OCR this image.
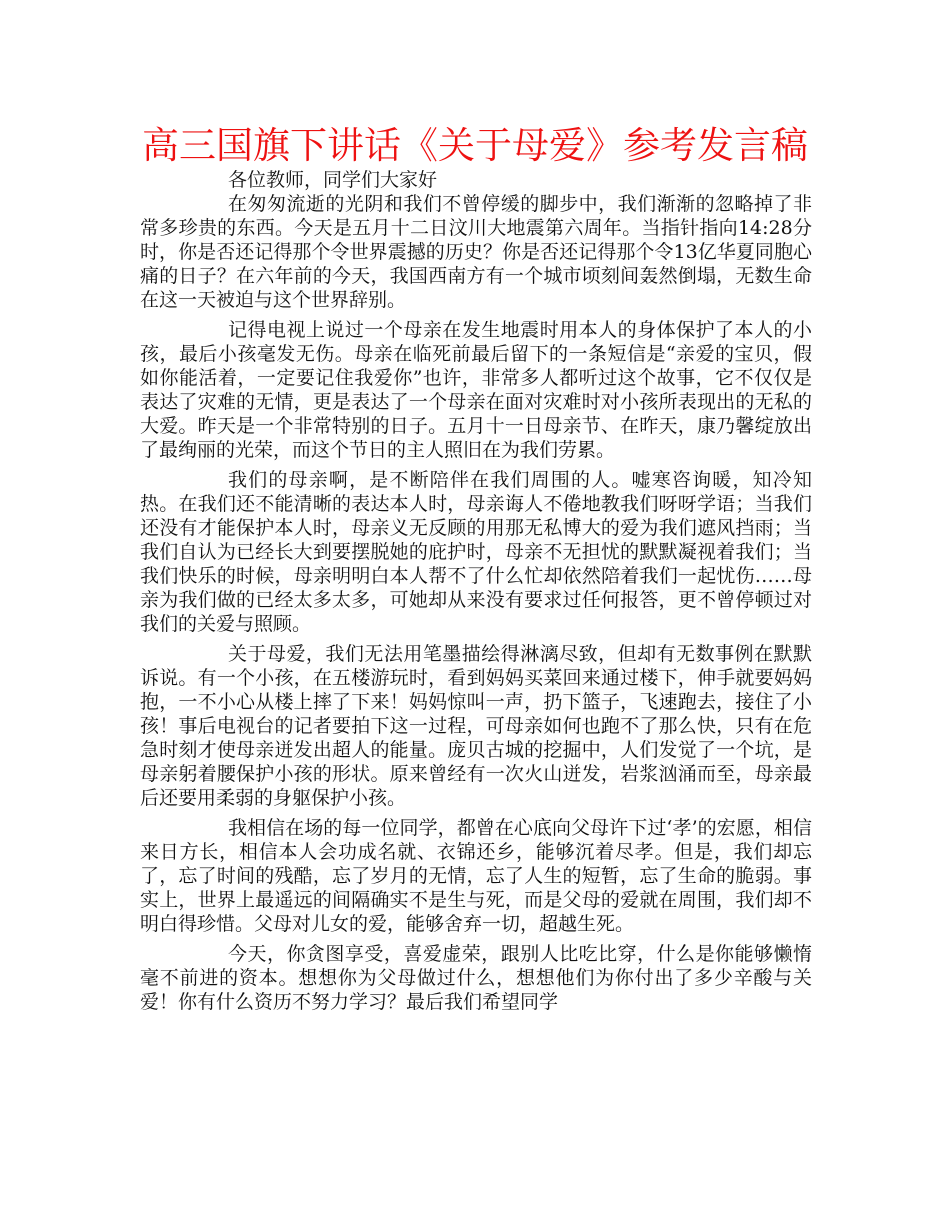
高三国旗下讲话《关于母爱》参考发言稿

各位教师，同学们大家好

在匆匆流逝的光阴和我们不曾停缓的脚步中，我们渐渐的忽略掉了非常多珍贵的东西。今天是五月十二日汶川大地震第六周年。当指针指向14:28分时，你是否还记得那个令世界震撼的历史？你是否还记得那个令13亿华夏同胞心痛的日子？在六年前的今天，我国西南方有一个城市顷刻间轰然倒塌，无数生命在这一天被迫与这个世界辞别。

记得电视上说过一个母亲在发生地震时用本人的身体保护了本人的小孩，最后小孩毫发无伤。母亲在临死前最后留下的一条短信是“亲爱的宝贝，假如你能活着，一定要记住我爱你”也许，非常多人都听过这个故事，它不仅仅是表达了灾难的无情，更是表达了一个母亲在面对灾难时对小孩所表现出的无私的大爱。昨天是一个非常特别的日子。五月十一日母亲节、在昨天，康乃馨绽放出了最绚丽的光荣，而这个节日的主人照旧在为我们劳累。

我们的母亲啊，是不断陪伴在我们周围的人。嘘寒咨询暖，知冷知热。在我们还不能清晰的表达本人时，母亲诲人不倦地教我们呀呀学语；当我们还没有才能保护本人时，母亲义无反顾的用那无私博大的爱为我们遮风挡雨；当我们自认为已经长大到要摆脱她的庇护时，母亲不无担忧的默默凝视着我们；当我们快乐的时候，母亲明明白本人帮不了什么忙却依然陪着我们一起忧伤……母亲为我们做的已经太多太多，可她却从来没有要求过任何报答，更不曾停顿过对我们的关爱与照顾。

关于母爱，我们无法用笔墨描绘得淋漓尽致，但却有无数事例在默默诉说。有一个小孩，在五楼游玩时，看到妈妈买菜回来通过楼下，伸手就要妈妈抱，一不小心从楼上摔了下来！妈妈惊叫一声，扔下篮子，飞速跑去，接住了小孩！事后电视台的记者要拍下这一过程，可母亲如何也跑不了那么快，只有在危急时刻才使母亲迸发出超人的能量。庞贝古城的挖掘中，人们发觉了一个坑，是母亲躬着腰保护小孩的形状。原来曾经有一次火山迸发，岩浆汹涌而至，母亲最后还要用柔弱的身躯保护小孩。

我相信在场的每一位同学，都曾在心底向父母许下过‘孝’的宏愿，相信来日方长，相信本人会功成名就、衣锦还乡，能够沉着尽孝。但是，我们却忘了，忘了时间的残酷，忘了岁月的无情，忘了人生的短暂，忘了生命的脆弱。事实上，世界上最遥远的间隔确实不是生与死，而是父母的爱就在周围，我们却不明白得珍惜。父母对儿女的爱，能够舍弃一切，超越生死。

今天，你贪图享受，喜爱虚荣，跟别人比吃比穿，什么是你能够懒惰毫不前进的资本。想想你为父母做过什么，想想他们为你付出了多少辛酸与关爱！你有什么资历不努力学习？最后我们希望同学
